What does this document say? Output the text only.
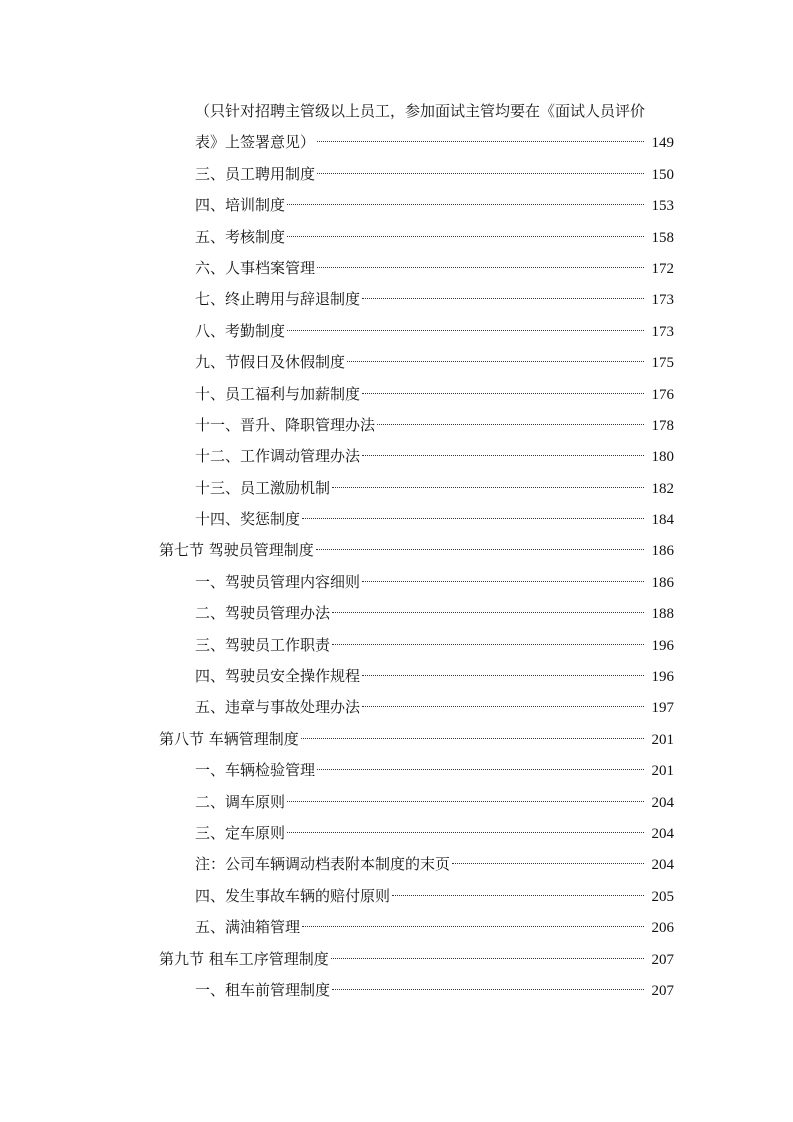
（只针对招聘主管级以上员工，参加面试主管均要在《面试人员评价
表》上签署意见）	149
三、员工聘用制度	150
四、培训制度	153
五、考核制度	158
六、人事档案管理	172
七、终止聘用与辞退制度	173
八、考勤制度	173
九、节假日及休假制度	175
十、员工福利与加薪制度	176
十一、晋升、降职管理办法	178
十二、工作调动管理办法	180
十三、员工激励机制	182
十四、奖惩制度	184
第七节 驾驶员管理制度	186
一、驾驶员管理内容细则	186
二、驾驶员管理办法	188
三、驾驶员工作职责	196
四、驾驶员安全操作规程	196
五、违章与事故处理办法	197
第八节 车辆管理制度	201
一、车辆检验管理	201
二、调车原则	204
三、定车原则	204
注：公司车辆调动档表附本制度的末页	204
四、发生事故车辆的赔付原则	205
五、满油箱管理	206
第九节 租车工序管理制度	207
一、租车前管理制度	207
